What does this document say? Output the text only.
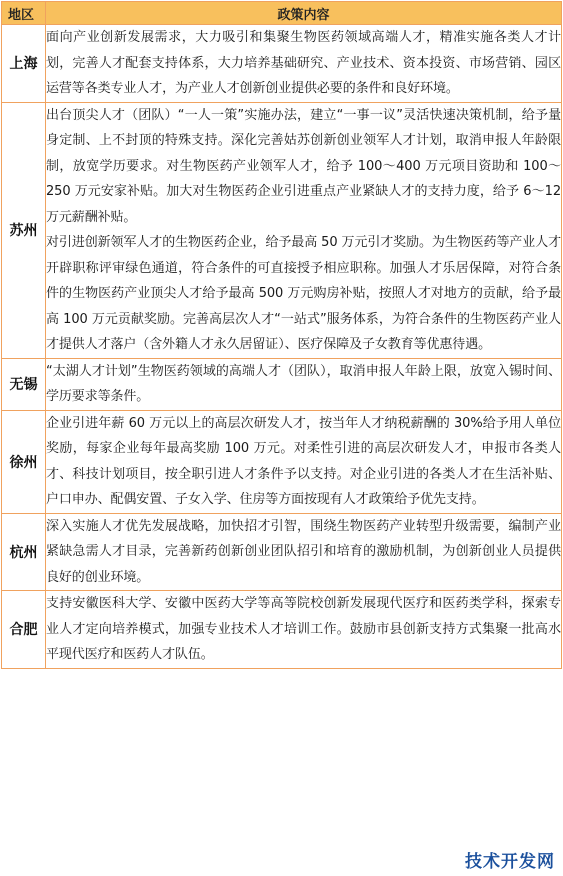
地区	政策内容
上海	面向产业创新发展需求，大力吸引和集聚生物医药领域高端人才，精准实施各类人才计划，完善人才配套支持体系，大力培养基础研究、产业技术、资本投资、市场营销、园区运营等各类专业人才，为产业人才创新创业提供必要的条件和良好环境。

苏州	出台顶尖人才（团队）“一人一策”实施办法，建立“一事一议”灵活快速决策机制，给予量身定制、上不封顶的特殊支持。深化完善姑苏创新创业领军人才计划，取消申报人年龄限制，放宽学历要求。对生物医药产业领军人才，给予 100～400 万元项目资助和 100～250 万元安家补贴。加大对生物医药企业引进重点产业紧缺人才的支持力度，给予 6～12 万元薪酬补贴。

对引进创新领军人才的生物医药企业，给予最高 50 万元引才奖励。为生物医药等产业人才开辟职称评审绿色通道，符合条件的可直接授予相应职称。加强人才乐居保障，对符合条件的生物医药产业顶尖人才给予最高 500 万元购房补贴，按照人才对地方的贡献，给予最高 100 万元贡献奖励。完善高层次人才“一站式”服务体系，为符合条件的生物医药产业人才提供人才落户（含外籍人才永久居留证）、医疗保障及子女教育等优惠待遇。

无锡	“太湖人才计划”生物医药领域的高端人才（团队），取消申报人年龄上限，放宽入锡时间、学历要求等条件。

徐州	企业引进年薪 60 万元以上的高层次研发人才，按当年人才纳税薪酬的 30%给予用人单位奖励，每家企业每年最高奖励 100 万元。对柔性引进的高层次研发人才，申报市各类人才、科技计划项目，按全职引进人才条件予以支持。对企业引进的各类人才在生活补贴、户口申办、配偶安置、子女入学、住房等方面按现有人才政策给予优先支持。

杭州	深入实施人才优先发展战略，加快招才引智，围绕生物医药产业转型升级需要，编制产业紧缺急需人才目录，完善新药创新创业团队招引和培育的激励机制，为创新创业人员提供良好的创业环境。

合肥	支持安徽医科大学、安徽中医药大学等高等院校创新发展现代医疗和医药类学科，探索专业人才定向培养模式，加强专业技术人才培训工作。鼓励市县创新支持方式集聚一批高水平现代医疗和医药人才队伍。

技术开发网
